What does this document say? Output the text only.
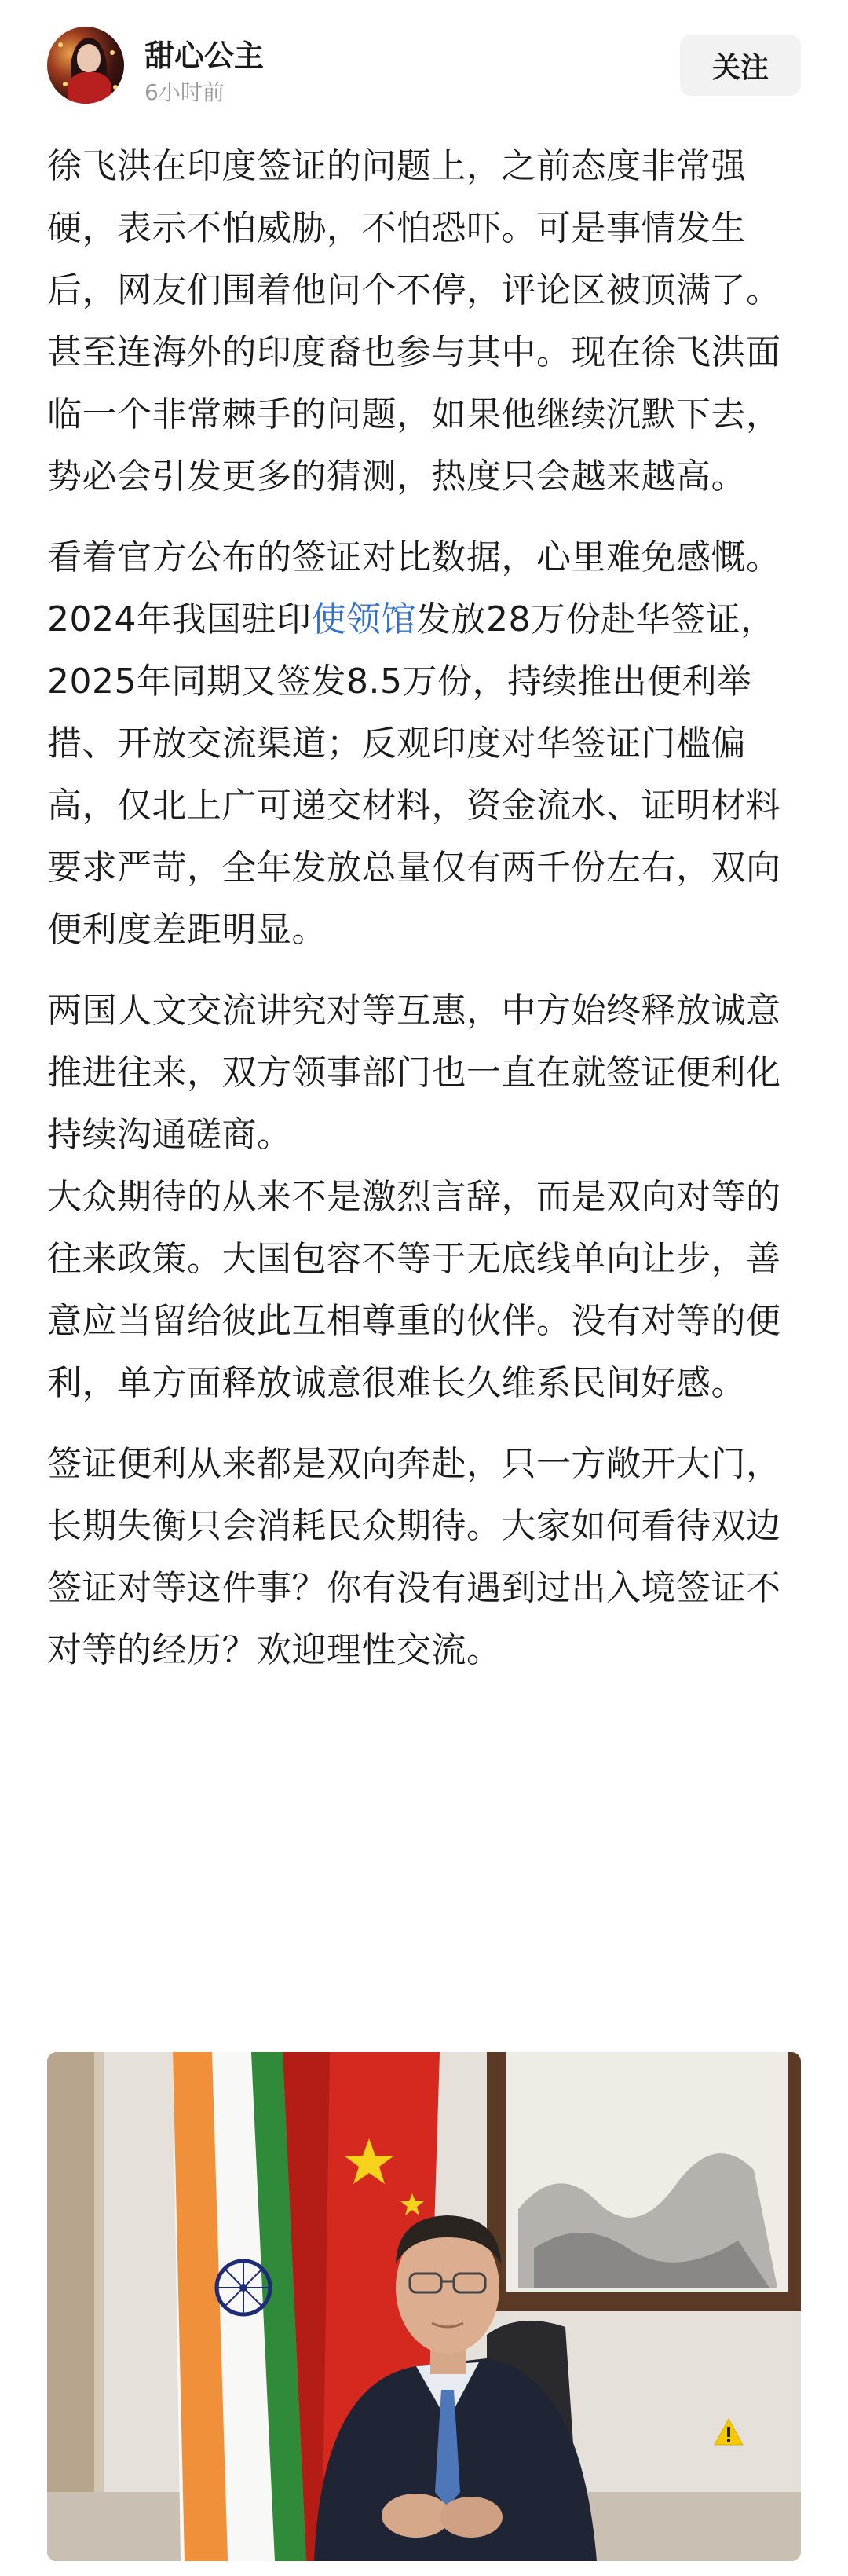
甜心公主
6小时前
关注

徐飞洪在印度签证的问题上，之前态度非常强硬，表示不怕威胁，不怕恐吓。可是事情发生后，网友们围着他问个不停，评论区被顶满了。甚至连海外的印度裔也参与其中。现在徐飞洪面临一个非常棘手的问题，如果他继续沉默下去，势必会引发更多的猜测，热度只会越来越高。

看着官方公布的签证对比数据，心里难免感慨。

2024年我国驻印使领馆发放28万份赴华签证，2025年同期又签发8.5万份，持续推出便利举措、开放交流渠道；反观印度对华签证门槛偏高，仅北上广可递交材料，资金流水、证明材料要求严苛，全年发放总量仅有两千份左右，双向便利度差距明显。

两国人文交流讲究对等互惠，中方始终释放诚意推进往来，双方领事部门也一直在就签证便利化持续沟通磋商。

大众期待的从来不是激烈言辞，而是双向对等的往来政策。大国包容不等于无底线单向让步，善意应当留给彼此互相尊重的伙伴。没有对等的便利，单方面释放诚意很难长久维系民间好感。

签证便利从来都是双向奔赴，只一方敞开大门，长期失衡只会消耗民众期待。大家如何看待双边签证对等这件事？你有没有遇到过出入境签证不对等的经历？欢迎理性交流。
